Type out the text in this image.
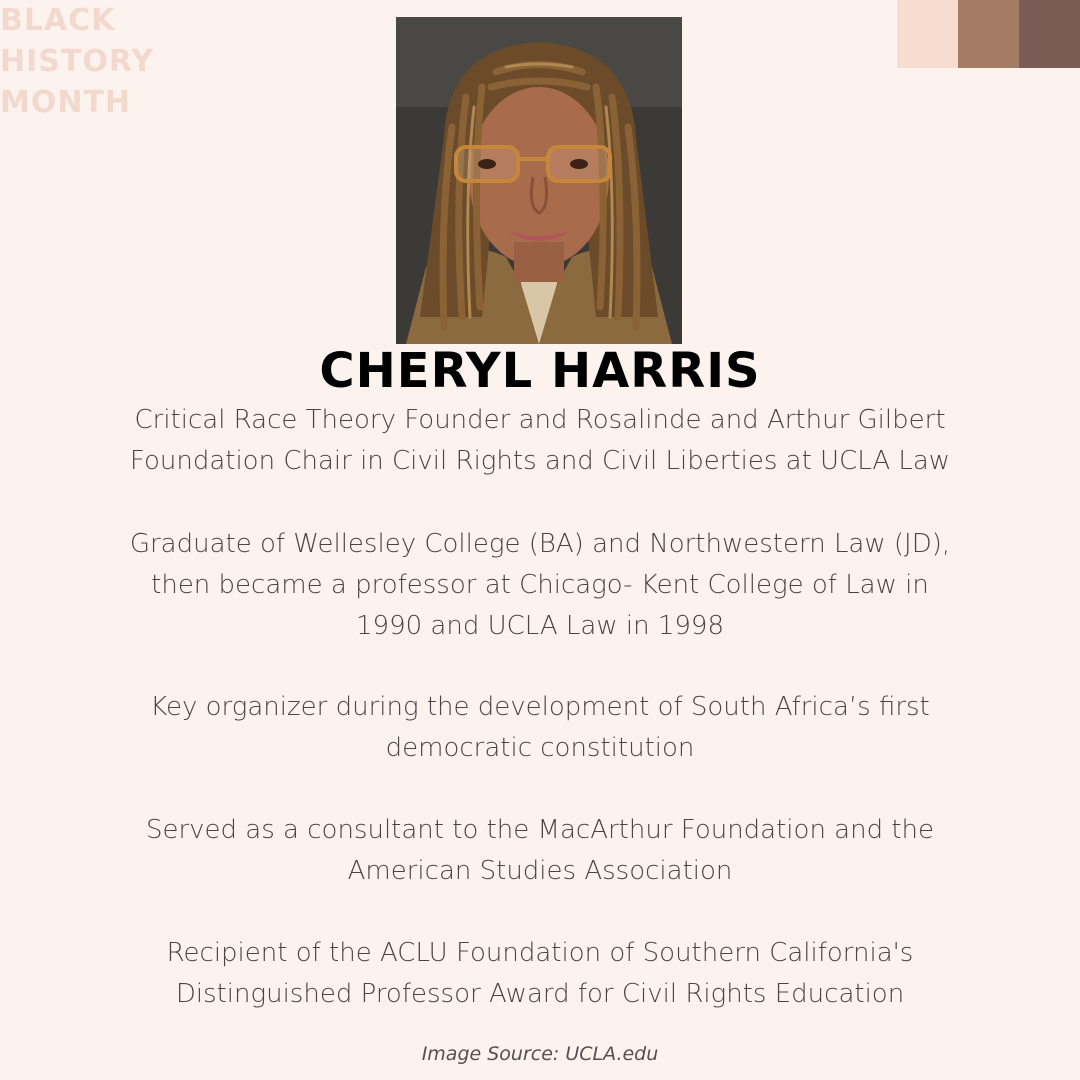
BLACK
HISTORY
MONTH
CHERYL HARRIS
Critical Race Theory Founder and Rosalinde and Arthur Gilbert
Foundation Chair in Civil Rights and Civil Liberties at UCLA Law
Graduate of Wellesley College (BA) and Northwestern Law (JD),
then became a professor at Chicago- Kent College of Law in
1990 and UCLA Law in 1998
Key organizer during the development of South Africa’s first
democratic constitution
Served as a consultant to the MacArthur Foundation and the
American Studies Association
Recipient of the ACLU Foundation of Southern California's
Distinguished Professor Award for Civil Rights Education
Image Source: UCLA.edu
